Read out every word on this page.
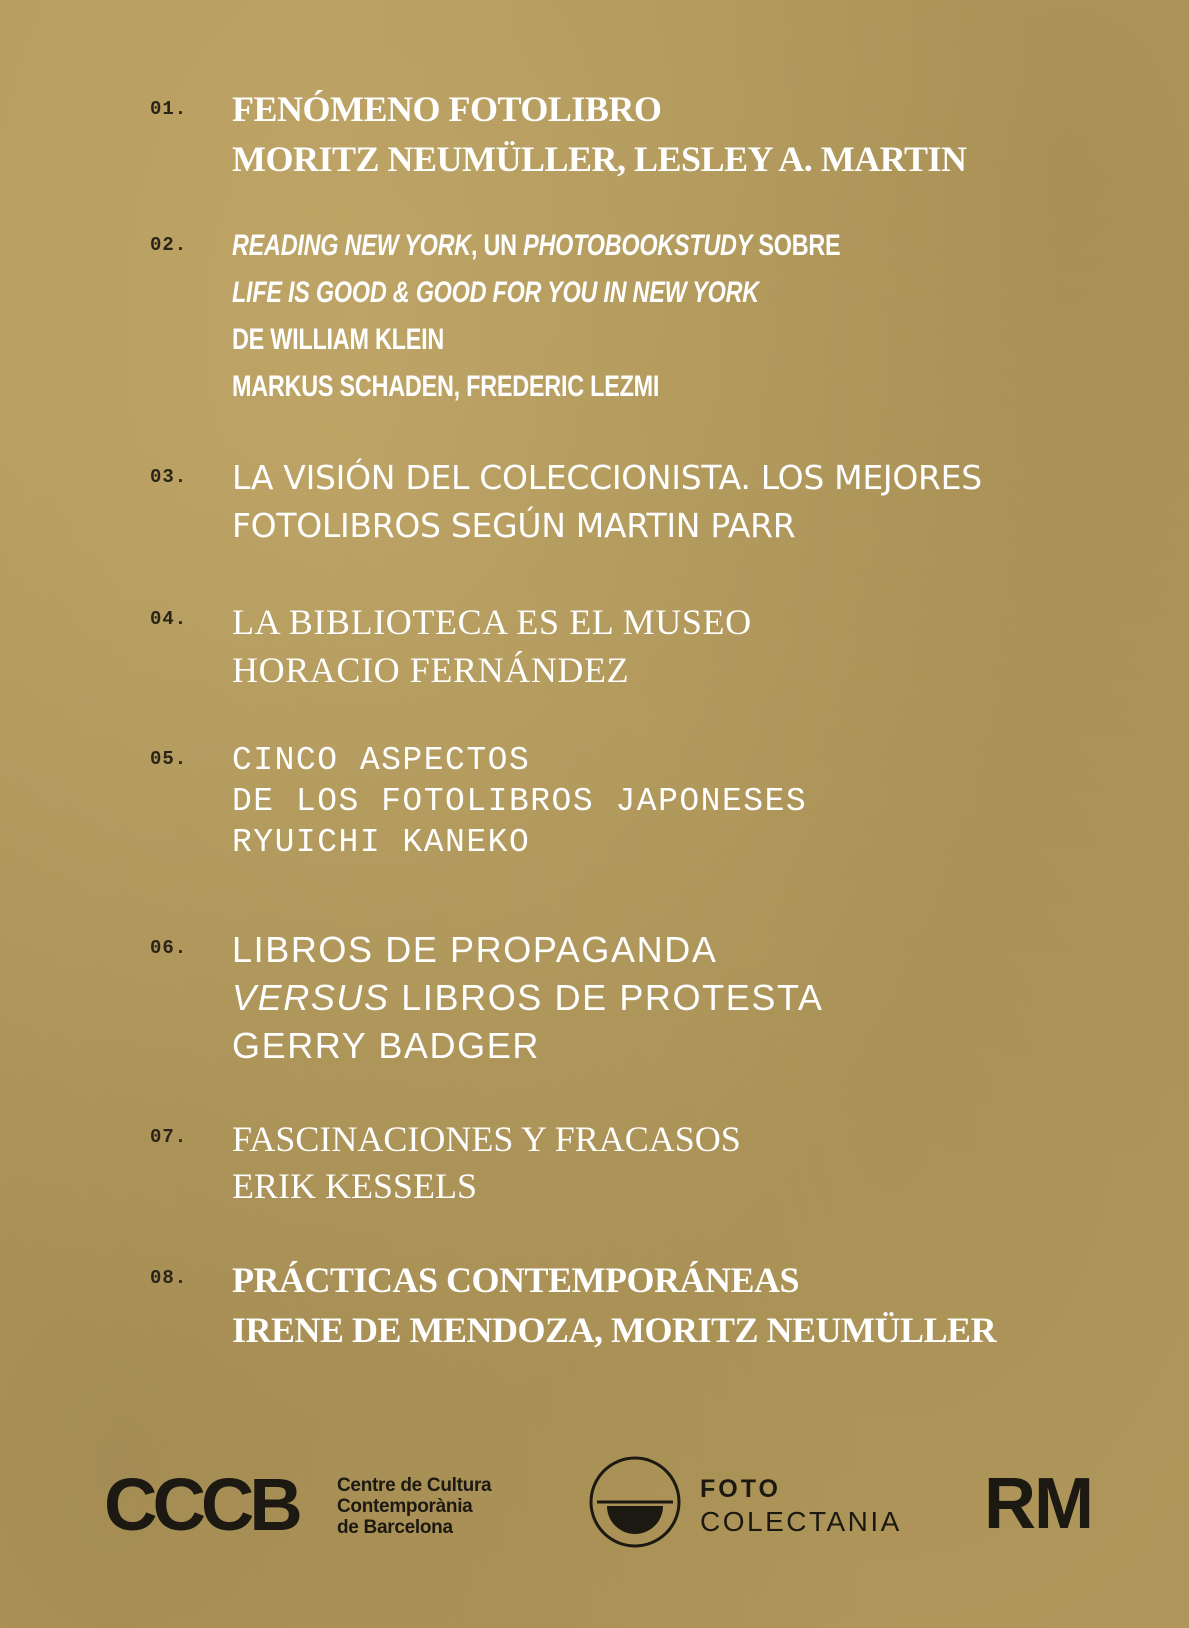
01. FENÓMENO FOTOLIBRO
MORITZ NEUMÜLLER, LESLEY A. MARTIN
02. READING NEW YORK, UN PHOTOBOOKSTUDY SOBRE
LIFE IS GOOD & GOOD FOR YOU IN NEW YORK
DE WILLIAM KLEIN
MARKUS SCHADEN, FREDERIC LEZMI
03. LA VISIÓN DEL COLECCIONISTA. LOS MEJORES
FOTOLIBROS SEGÚN MARTIN PARR
04. LA BIBLIOTECA ES EL MUSEO
HORACIO FERNÁNDEZ
05. CINCO ASPECTOS
DE LOS FOTOLIBROS JAPONESES
RYUICHI KANEKO
06. LIBROS DE PROPAGANDA
VERSUS LIBROS DE PROTESTA
GERRY BADGER
07. FASCINACIONES Y FRACASOS
ERIK KESSELS
08. PRÁCTICAS CONTEMPORÁNEAS
IRENE DE MENDOZA, MORITZ NEUMÜLLER
CCCB Centre de Cultura
Contemporània
de Barcelona
FOTO
COLECTANIA RM
